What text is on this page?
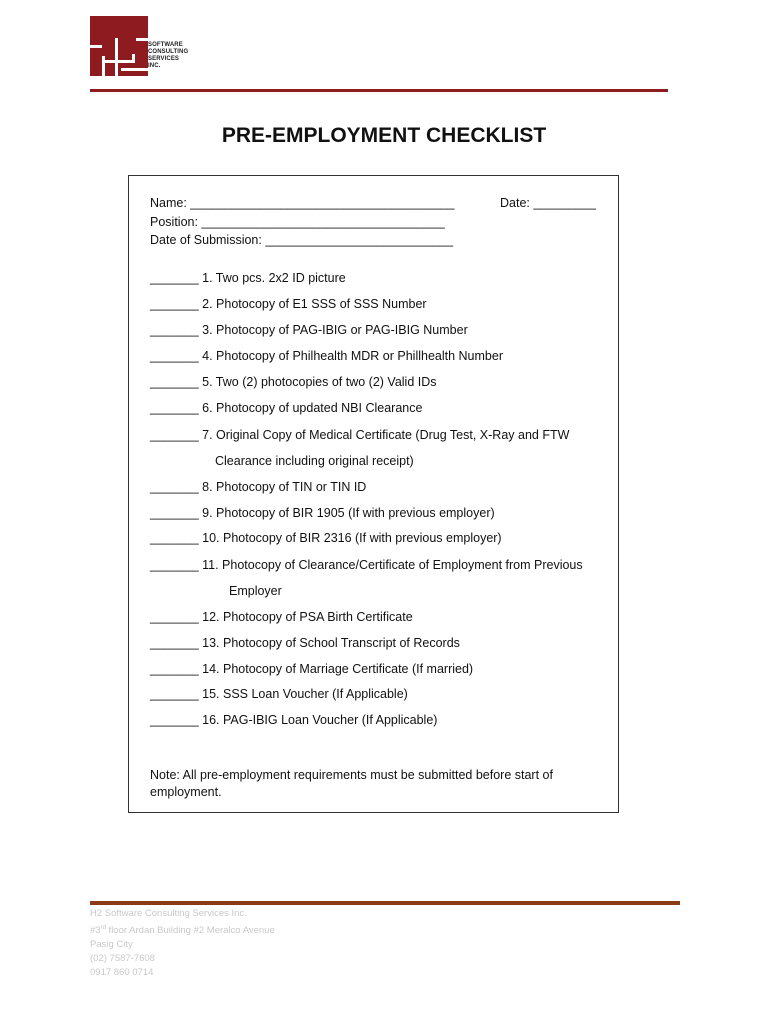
SOFTWARE
CONSULTING
SERVICES
INC.
PRE-EMPLOYMENT CHECKLIST
Name: ______________________________________	Date: _________
Position: ___________________________________
Date of Submission: ___________________________
_______ 1. Two pcs. 2x2 ID picture
_______ 2. Photocopy of E1 SSS of SSS Number
_______ 3. Photocopy of PAG-IBIG or PAG-IBIG Number
_______ 4. Photocopy of Philhealth MDR or Phillhealth Number
_______ 5. Two (2) photocopies of two (2) Valid IDs
_______ 6. Photocopy of updated NBI Clearance
_______ 7. Original Copy of Medical Certificate (Drug Test, X-Ray and FTW
Clearance including original receipt)
_______ 8. Photocopy of TIN or TIN ID
_______ 9. Photocopy of BIR 1905 (If with previous employer)
_______ 10. Photocopy of BIR 2316 (If with previous employer)
_______ 11. Photocopy of Clearance/Certificate of Employment from Previous
Employer
_______ 12. Photocopy of PSA Birth Certificate
_______ 13. Photocopy of School Transcript of Records
_______ 14. Photocopy of Marriage Certificate (If married)
_______ 15. SSS Loan Voucher (If Applicable)
_______ 16. PAG-IBIG Loan Voucher (If Applicable)
Note: All pre-employment requirements must be submitted before start of employment.
H2 Software Consulting Services Inc.
#3rd floor Ardan Building #2 Meralco Avenue
Pasig City
(02) 7587-7608
0917 860 0714
